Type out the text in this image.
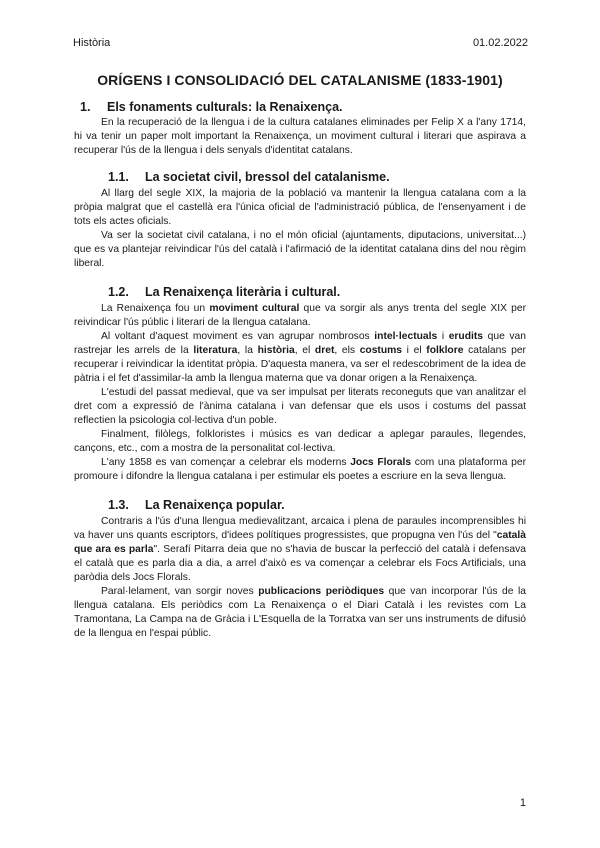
Història	01.02.2022
ORÍGENS I CONSOLIDACIÓ DEL CATALANISME (1833-1901)
1.	Els fonaments culturals: la Renaixença.

En la recuperació de la llengua i de la cultura catalanes eliminades per Felip X a l'any 1714, hi va tenir un paper molt important la Renaixença, un moviment cultural i literari que aspirava a recuperar l'ús de la llengua i dels senyals d'identitat catalans.

1.1.	La societat civil, bressol del catalanisme.

Al llarg del segle XIX, la majoria de la població va mantenir la llengua catalana com a la pròpia malgrat que el castellà era l'única oficial de l'administració pública, de l'ensenyament i de tots els actes oficials.

Va ser la societat civil catalana, i no el món oficial (ajuntaments, diputacions, universitat...) que es va plantejar reivindicar l'ús del català i l'afirmació de la identitat catalana dins del nou règim liberal.

1.2.	La Renaixença literària i cultural.

La Renaixença fou un moviment cultural que va sorgir als anys trenta del segle XIX per reivindicar l'ús públic i literari de la llengua catalana.

Al voltant d'aquest moviment es van agrupar nombrosos intel·lectuals i erudits que van rastrejar les arrels de la literatura, la història, el dret, els costums i el folklore catalans per recuperar i reivindicar la identitat pròpia. D'aquesta manera, va ser el redescobriment de la idea de pàtria i el fet d'assimilar-la amb la llengua materna que va donar origen a la Renaixença.

L'estudi del passat medieval, que va ser impulsat per literats reconeguts que van analitzar el dret com a expressió de l'ànima catalana i van defensar que els usos i costums del passat reflectien la psicologia col·lectiva d'un poble.

Finalment, filòlegs, folkloristes i músics es van dedicar a aplegar paraules, llegendes, cançons, etc., com a mostra de la personalitat col·lectiva.

L'any 1858 es van començar a celebrar els moderns Jocs Florals com una plataforma per promoure i difondre la llengua catalana i per estimular els poetes a escriure en la seva llengua.

1.3.	La Renaixença popular.

Contraris a l'ús d'una llengua medievalitzant, arcaica i plena de paraules incomprensibles hi va haver uns quants escriptors, d'idees polítiques progressistes, que propugna ven l'ús del "català que ara es parla". Serafí Pitarra deia que no s'havia de buscar la perfecció del català i defensava el català que es parla dia a dia, a arrel d'això es va començar a celebrar els Focs Artificials, una paròdia dels Jocs Florals.

Paral·lelament, van sorgir noves publicacions periòdiques que van incorporar l'ús de la llengua catalana. Els periòdics com La Renaixença o el Diari Català i les revistes com La Tramontana, La Campa na de Gràcia i L'Esquella de la Torratxa van ser uns instruments de difusió de la llengua en l'espai públic.

1
